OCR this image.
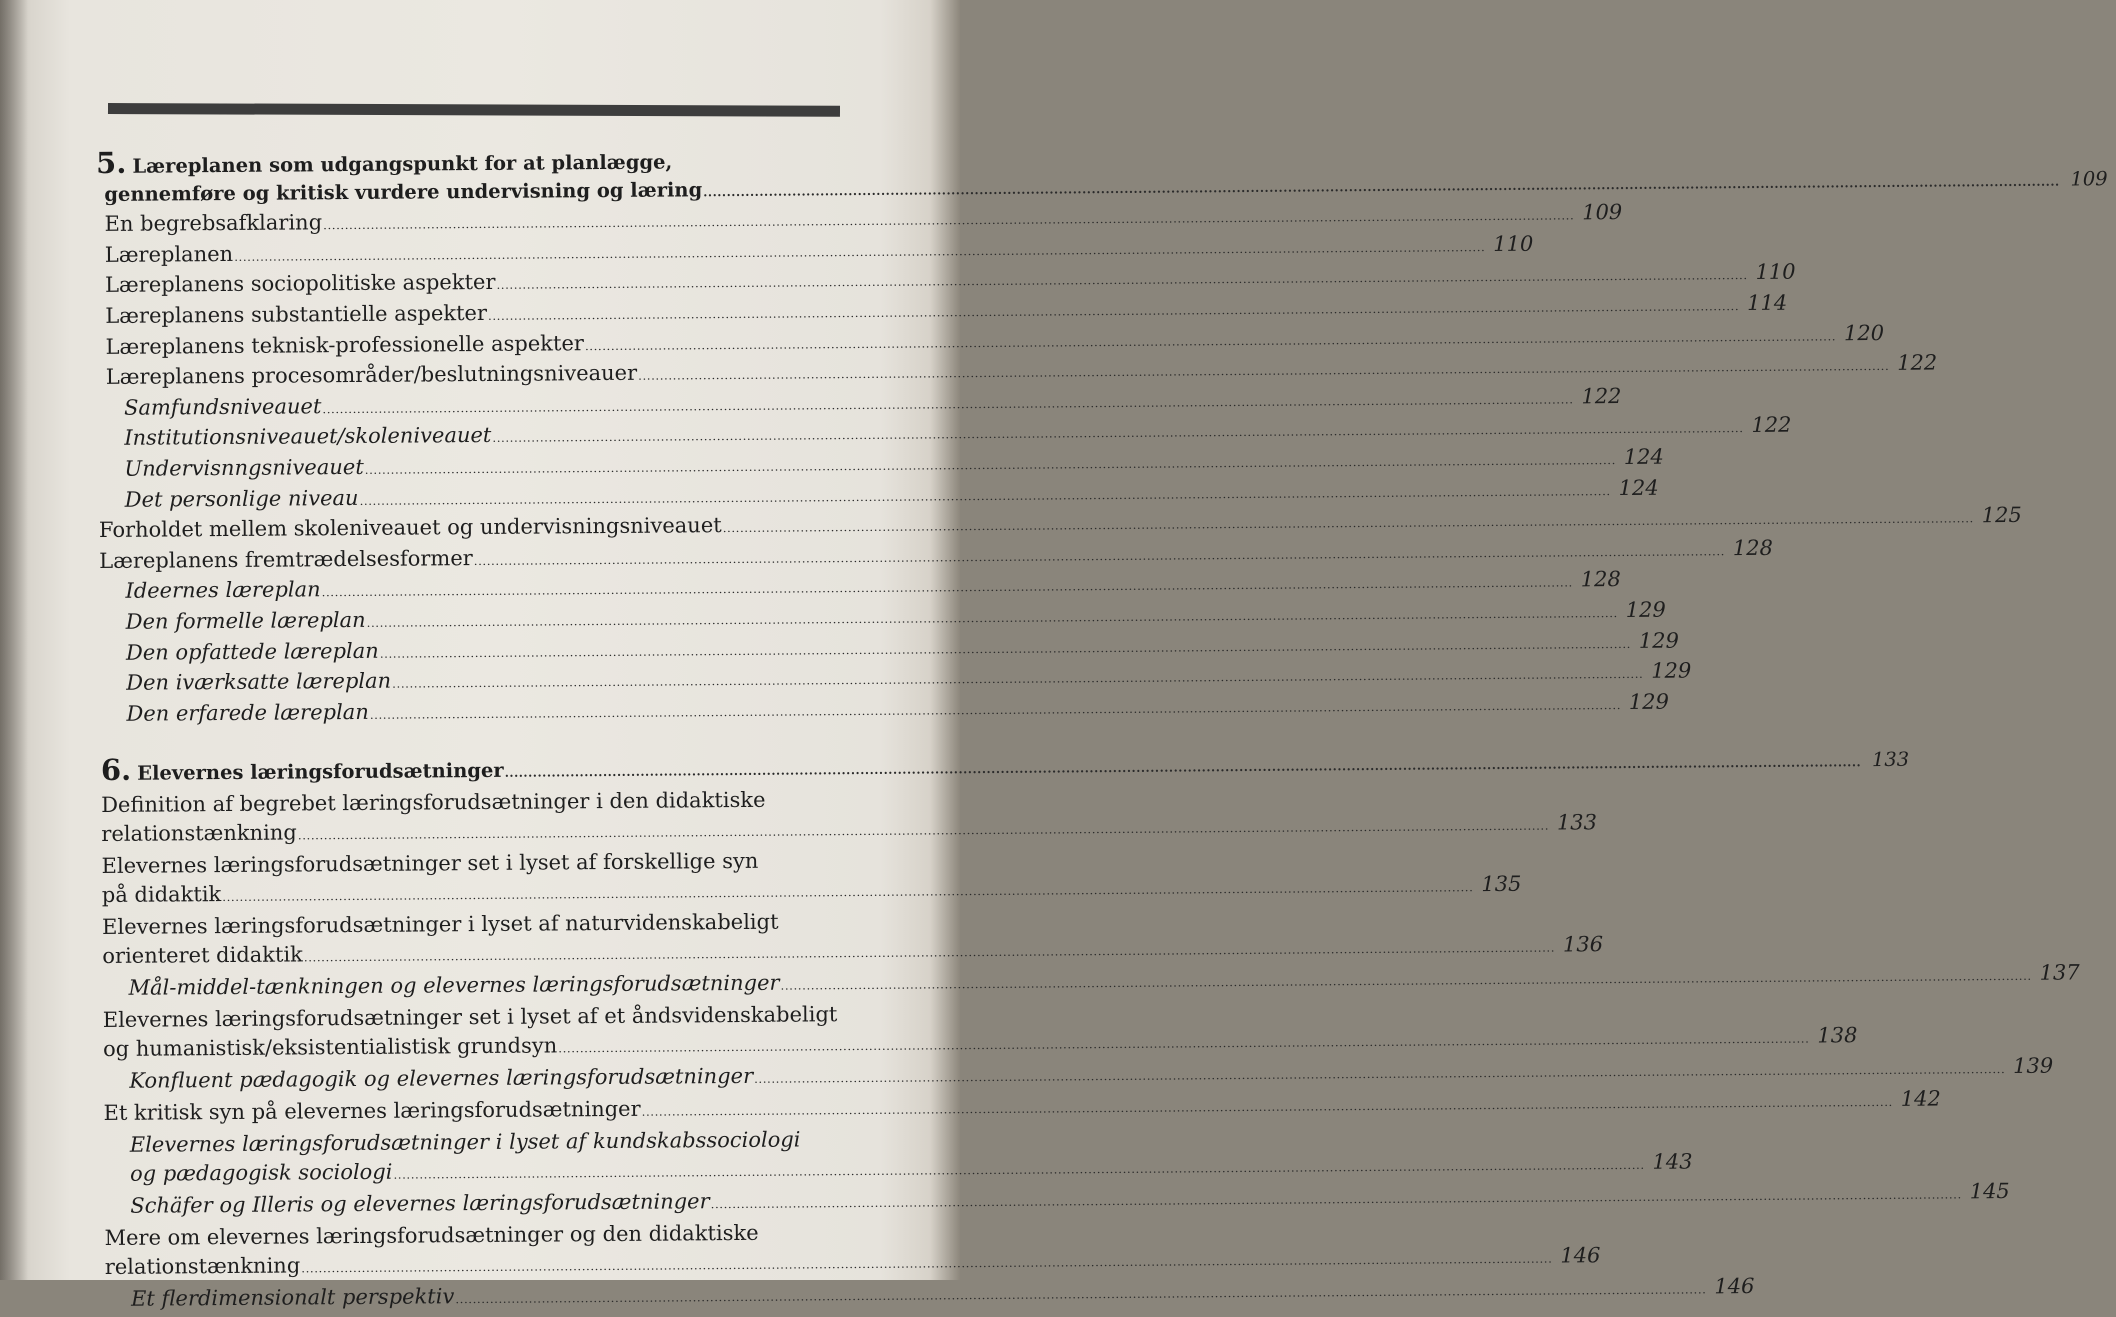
5. Læreplanen som udgangspunkt for at planlægge,
gennemføre og kritisk vurdere undervisning og læring .....	109
En begrebsafklaring .....	109
Læreplanen .....	110
Læreplanens sociopolitiske aspekter .....	110
Læreplanens substantielle aspekter .....	114
Læreplanens teknisk-professionelle aspekter .....	120
Læreplanens procesområder/beslutningsniveauer .....	122
Samfundsniveauet .....	122
Institutionsniveauet/skoleniveauet .....	122
Undervisnngsniveauet .....	124
Det personlige niveau .....	124
Forholdet mellem skoleniveauet og undervisningsniveauet .....	125
Læreplanens fremtrædelsesformer .....	128
Ideernes læreplan .....	128
Den formelle læreplan .....	129
Den opfattede læreplan .....	129
Den iværksatte læreplan .....	129
Den erfarede læreplan .....	129
6. Elevernes læringsforudsætninger .....	133
Definition af begrebet læringsforudsætninger i den didaktiske
relationstænkning .....	133
Elevernes læringsforudsætninger set i lyset af forskellige syn
på didaktik .....	135
Elevernes læringsforudsætninger i lyset af naturvidenskabeligt
orienteret didaktik .....	136
Mål-middel-tænkningen og elevernes læringsforudsætninger .....	137
Elevernes læringsforudsætninger set i lyset af et åndsvidenskabeligt
og humanistisk/eksistentialistisk grundsyn .....	138
Konfluent pædagogik og elevernes læringsforudsætninger .....	139
Et kritisk syn på elevernes læringsforudsætninger .....	142
Elevernes læringsforudsætninger i lyset af kundskabssociologi
og pædagogisk sociologi .....	143
Schäfer og Illeris og elevernes læringsforudsætninger .....	145
Mere om elevernes læringsforudsætninger og den didaktiske
relationstænkning .....	146
Et flerdimensionalt perspektiv .....	146
